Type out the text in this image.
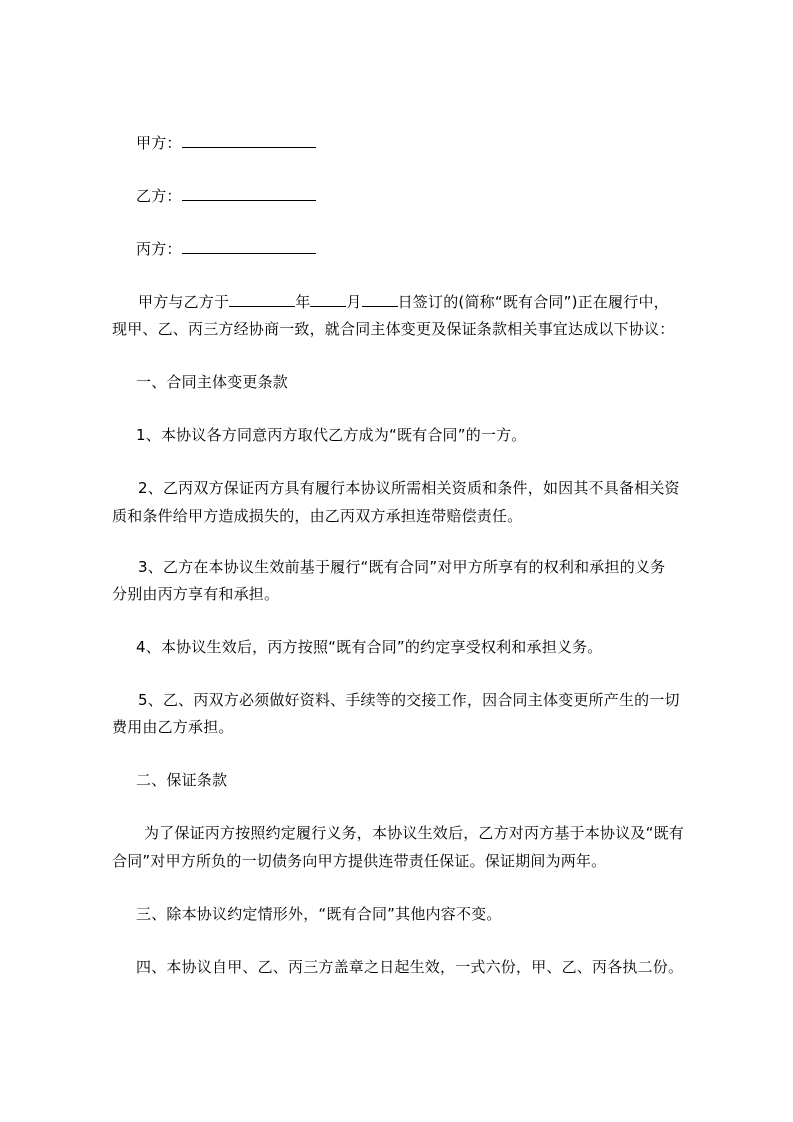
甲方：
乙方：
丙方：
甲方与乙方于	年 月 日签订的(简称“既有合同”)正在履行中，
现甲、乙、丙三方经协商一致，就合同主体变更及保证条款相关事宜达成以下协议：
一、合同主体变更条款
1、本协议各方同意丙方取代乙方成为“既有合同”的一方。
2、乙丙双方保证丙方具有履行本协议所需相关资质和条件，如因其不具备相关资
质和条件给甲方造成损失的，由乙丙双方承担连带赔偿责任。
3、乙方在本协议生效前基于履行“既有合同”对甲方所享有的权利和承担的义务
分别由丙方享有和承担。
4、本协议生效后，丙方按照“既有合同”的约定享受权利和承担义务。
5、乙、丙双方必须做好资料、手续等的交接工作，因合同主体变更所产生的一切
费用由乙方承担。
二、保证条款
为了保证丙方按照约定履行义务，本协议生效后，乙方对丙方基于本协议及“既有
合同”对甲方所负的一切债务向甲方提供连带责任保证。保证期间为两年。
三、除本协议约定情形外，“既有合同”其他内容不变。
四、本协议自甲、乙、丙三方盖章之日起生效，一式六份，甲、乙、丙各执二份。
